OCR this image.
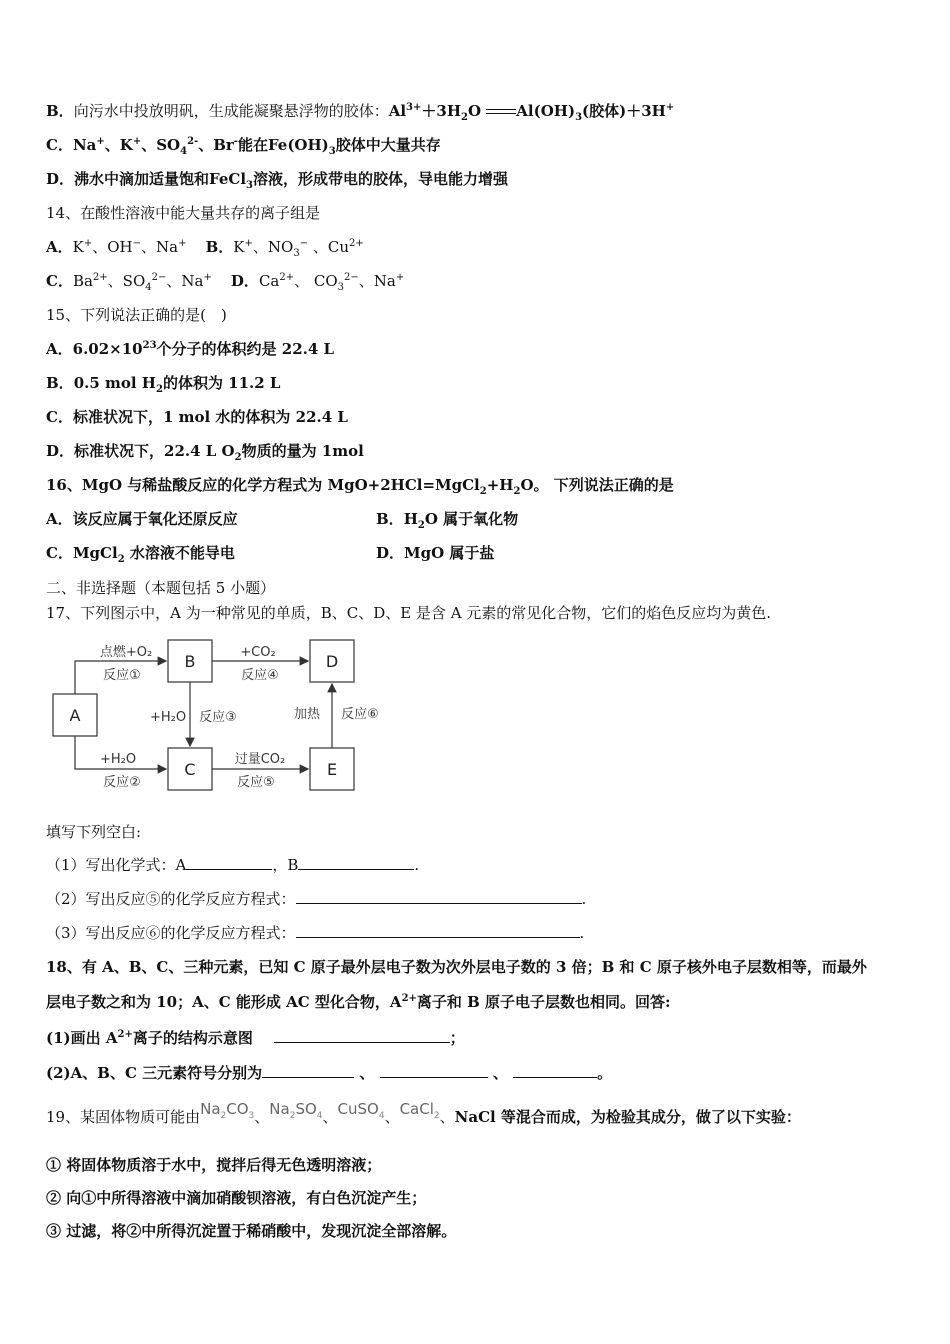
B．向污水中投放明矾，生成能凝聚悬浮物的胶体：$Al^{3+}+3H_2O$ $Al(OH)_3$(胶体)＋3H+
C．Na+、K+、$SO_4^{2-}$、Br-能在$Fe(OH)_3$胶体中大量共存
D．沸水中滴加适量饱和FeCl$_3$溶液，形成带电的胶体，导电能力增强
14、在酸性溶液中能大量共存的离子组是
A．K+、OH−、Na+ B．K+、$NO_3^-$ 、$Cu^{2+}$
C．$Ba^{2+}$、$SO_4^{2-}$、Na+ D．$Ca^{2+}$、 $CO_3^{2-}$、Na+
15、下列说法正确的是(　)
A．$6.02\times 10^{23}$个分子的体积约是 22.4 L
B．0.5 mol $H_2$的体积为 11.2 L
C．标准状况下，1 mol 水的体积为 22.4 L
D．标准状况下，22.4 L $O_2$物质的量为 1mol
16、MgO 与稀盐酸反应的化学方程式为 $MgO+2HCl=MgCl_2+H_2O$。 下列说法正确的是
A．该反应属于氧化还原反应	B．$H_2O$ 属于氧化物
C．MgCl$_2$ 水溶液不能导电	D．MgO 属于盐
二、非选择题（本题包括 5 小题）
17、下列图示中，A 为一种常见的单质，B、C、D、E 是含 A 元素的常见化合物，它们的焰色反应均为黄色.
A
B
C
D
E
点燃+O₂
反应①
+H₂O
反应②
+H₂O 反应③
+CO₂
反应④
过量CO₂
反应⑤
加热 反应⑥
填写下列空白:
（1）写出化学式：A	，B	.
（2）写出反应⑤的化学反应方程式：	.
（3）写出反应⑥的化学反应方程式：	.
18、有 A、B、C、三种元素，已知 C 原子最外层电子数为次外层电子数的 3 倍；B 和 C 原子核外电子层数相等，而最外
层电子数之和为 10；A、C 能形成 AC 型化合物，$A^{2+}$离子和 B 原子电子层数也相同。回答:
(1)画出 $A^{2+}$离子的结构示意图	；
(2)A、B、C 三元素符号分别为	、	、	。
19、某固体物质可能由$Na_2CO_3$、$Na_2SO_4$、CuSO$_4$、CaCl$_2$、NaCl 等混合而成，为检验其成分，做了以下实验：
① 将固体物质溶于水中，搅拌后得无色透明溶液；
② 向①中所得溶液中滴加硝酸钡溶液，有白色沉淀产生；
③ 过滤，将②中所得沉淀置于稀硝酸中，发现沉淀全部溶解。
